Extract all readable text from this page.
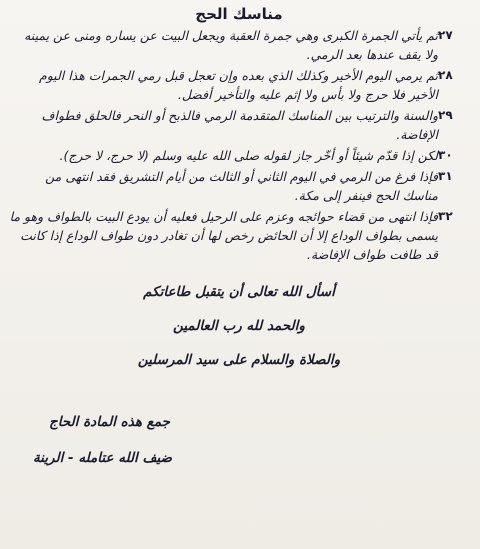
مناسك الحج
٢٧
ثم يأتي الجمرة الكبرى وهي جمرة العقبة ويجعل البيت عن يساره ومنى عن يمينه ولا يقف عندها بعد الرمي.
٢٨
ثم يرمي اليوم الأخير وكذلك الذي بعده وإن تعجل قبل رمي الجمرات هذا اليوم الأخير فلا حرج ولا بأس ولا إثم عليه والتأخير أفضل.
٢٩
والسنة والترتيب بين المناسك المتقدمة الرمي فالذبح أو النحر فالحلق فطواف الإفاضة.
٣٠
لكن إذا قدّم شيئاً أو أخّر جاز لقوله صلى الله عليه وسلم (لا حرج، لا حرج).
٣١
فإذا فرغ من الرمي في اليوم الثاني أو الثالث من أيام التشريق فقد انتهى من مناسك الحج فينفر إلى مكة.
٣٢
فإذا انتهى من قضاء حوائجه وعزم على الرحيل فعليه أن يودع البيت بالطواف وهو ما يسمى بطواف الوداع إلا أن الحائض رخص لها أن تغادر دون طواف الوداع إذا كانت قد طافت طواف الإفاضة.
أسأل الله تعالى أن يتقبل طاعاتكم
والحمد لله رب العالمين
والصلاة والسلام على سيد المرسلين
جمع هذه المادة الحاج
ضيف الله عتامله - الرينة
